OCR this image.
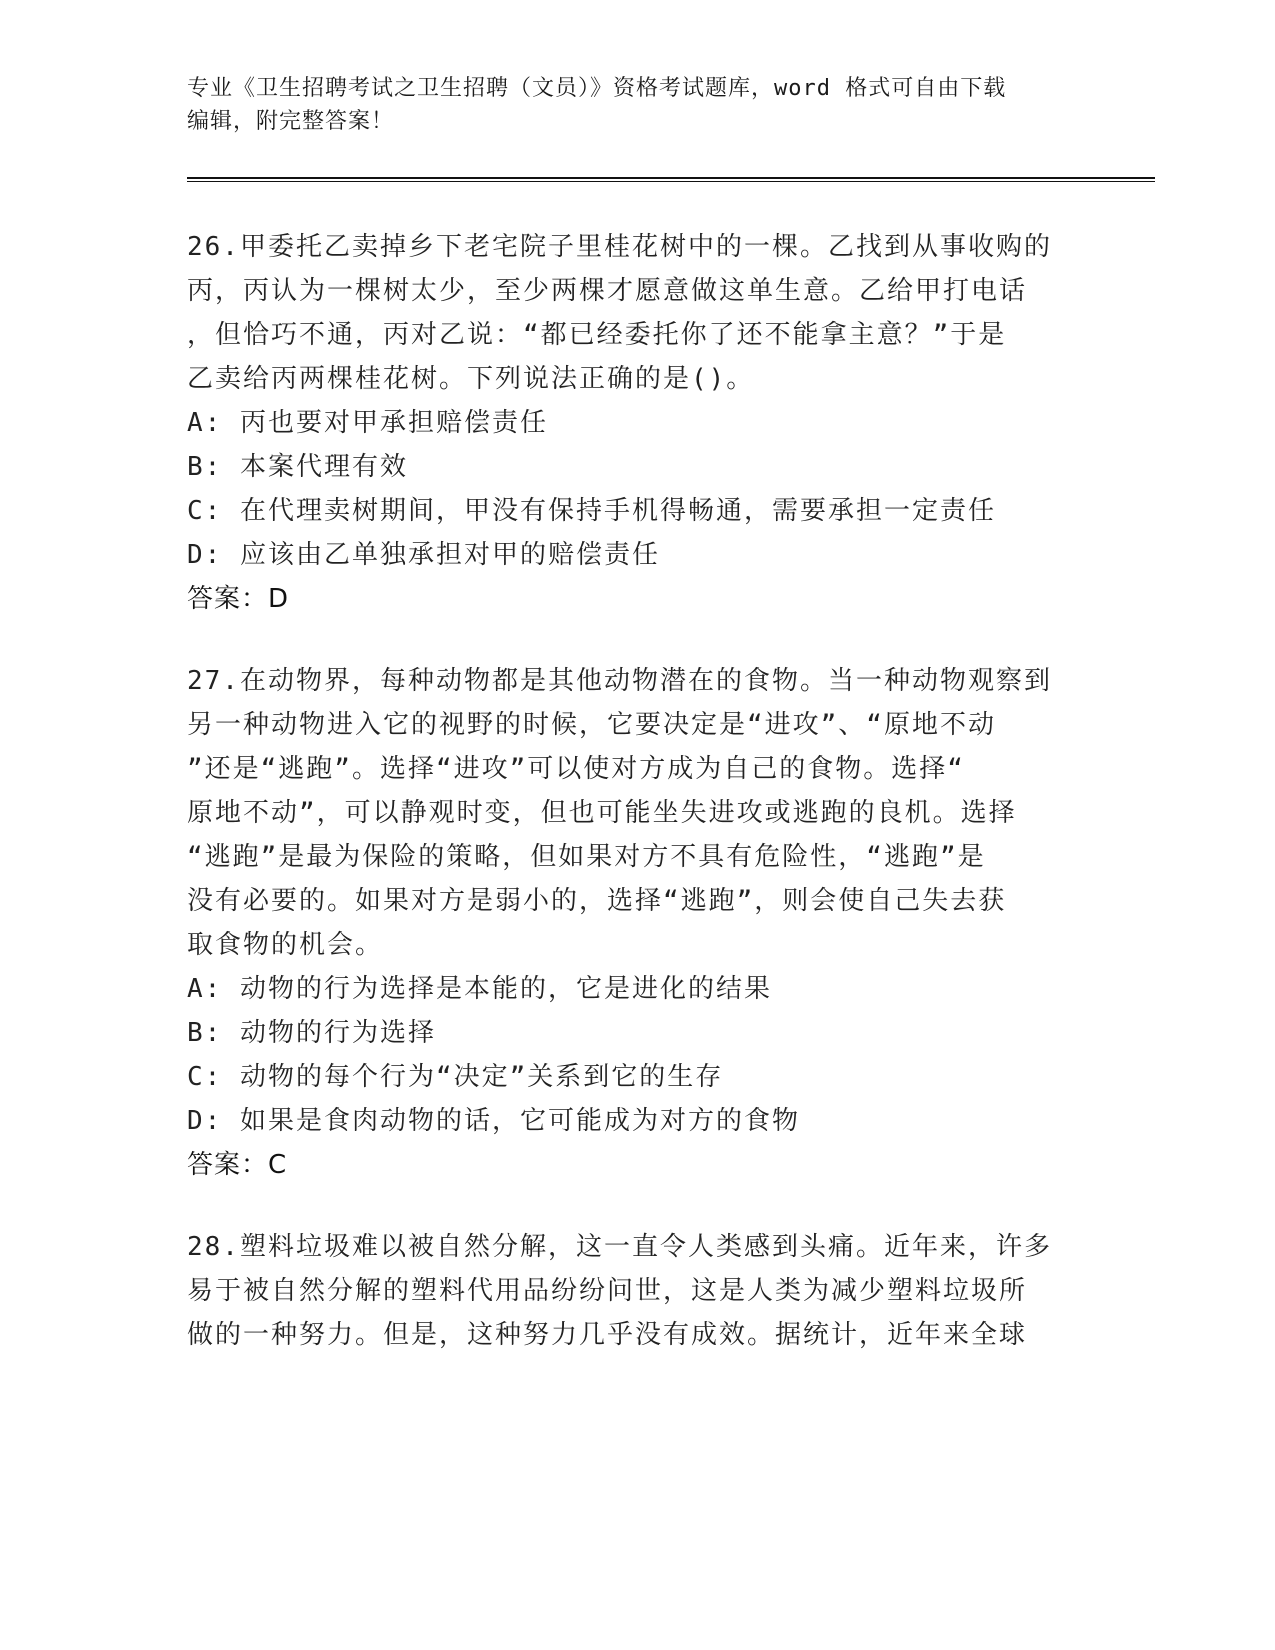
专业《卫生招聘考试之卫生招聘（文员）》资格考试题库，word 格式可自由下载
编辑，附完整答案！
26.甲委托乙卖掉乡下老宅院子里桂花树中的一棵。乙找到从事收购的
丙，丙认为一棵树太少，至少两棵才愿意做这单生意。乙给甲打电话
，但恰巧不通，丙对乙说：“都已经委托你了还不能拿主意？”于是
乙卖给丙两棵桂花树。下列说法正确的是()。
A: 丙也要对甲承担赔偿责任
B: 本案代理有效
C: 在代理卖树期间，甲没有保持手机得畅通，需要承担一定责任
D: 应该由乙单独承担对甲的赔偿责任
答案：D
27.在动物界，每种动物都是其他动物潜在的食物。当一种动物观察到
另一种动物进入它的视野的时候，它要决定是“进攻”、“原地不动
”还是“逃跑”。选择“进攻”可以使对方成为自己的食物。选择“
原地不动”，可以静观时变，但也可能坐失进攻或逃跑的良机。选择
“逃跑”是最为保险的策略，但如果对方不具有危险性，“逃跑”是
没有必要的。如果对方是弱小的，选择“逃跑”，则会使自己失去获
取食物的机会。
A: 动物的行为选择是本能的，它是进化的结果
B: 动物的行为选择
C: 动物的每个行为“决定”关系到它的生存
D: 如果是食肉动物的话，它可能成为对方的食物
答案：C
28.塑料垃圾难以被自然分解，这一直令人类感到头痛。近年来，许多
易于被自然分解的塑料代用品纷纷问世，这是人类为减少塑料垃圾所
做的一种努力。但是，这种努力几乎没有成效。据统计，近年来全球
